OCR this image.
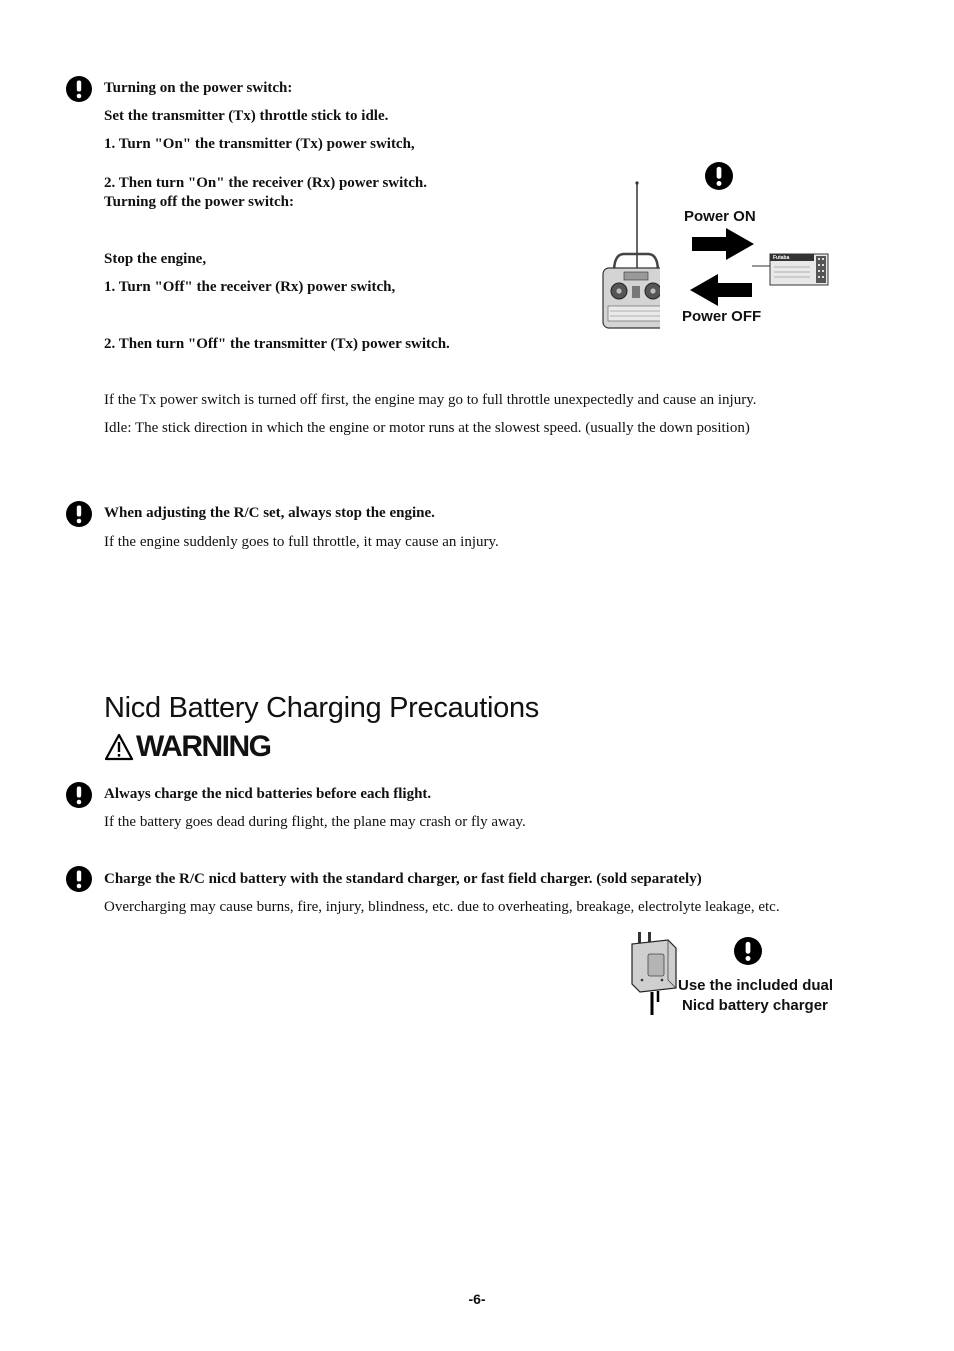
Turning on the power switch:
Set the transmitter (Tx) throttle stick to idle.
1. Turn "On" the transmitter (Tx) power switch,
2. Then turn "On" the receiver (Rx) power switch.
Turning off the power switch:
Stop the engine,
1. Turn "Off" the receiver (Rx) power switch,
2. Then turn "Off" the transmitter (Tx) power switch.
If the Tx power switch is turned off first, the engine may go to full throttle unexpectedly and cause an injury.
Idle: The stick direction in which the engine or motor runs at the slowest speed. (usually the down position)
Power ON
Power OFF
Futaba
When adjusting the R/C set, always stop the engine.
If the engine suddenly goes to full throttle, it may cause an injury.
Nicd Battery Charging Precautions
WARNING
Always charge the nicd batteries before each flight.
If the battery goes dead during flight, the plane may crash or fly away.
Charge the R/C nicd battery with the standard charger, or fast field charger. (sold separately)
Overcharging may cause burns, fire, injury, blindness, etc. due to overheating, breakage, electrolyte leakage, etc.
Use the included dual
Nicd battery charger
-6-
